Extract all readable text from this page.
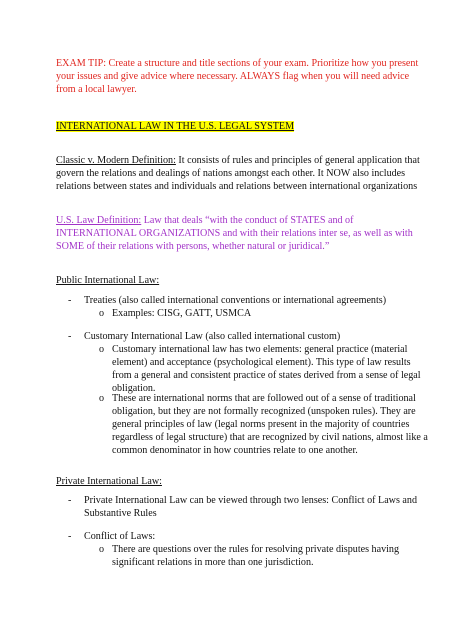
EXAM TIP: Create a structure and title sections of your exam. Prioritize how you present your issues and give advice where necessary. ALWAYS flag when you will need advice from a local lawyer.
INTERNATIONAL LAW IN THE U.S. LEGAL SYSTEM
Classic v. Modern Definition: It consists of rules and principles of general application that govern the relations and dealings of nations amongst each other. It NOW also includes relations between states and individuals and relations between international organizations
U.S. Law Definition: Law that deals “with the conduct of STATES and of INTERNATIONAL ORGANIZATIONS and with their relations inter se, as well as with SOME of their relations with persons, whether natural or juridical.”
Public International Law:
-	Treaties (also called international conventions or international agreements)
o Examples: CISG, GATT, USMCA
-	Customary International Law (also called international custom)
o Customary international law has two elements: general practice (material element) and acceptance (psychological element). This type of law results from a general and consistent practice of states derived from a sense of legal obligation.
o These are international norms that are followed out of a sense of traditional obligation, but they are not formally recognized (unspoken rules). They are general principles of law (legal norms present in the majority of countries regardless of legal structure) that are recognized by civil nations, almost like a common denominator in how countries relate to one another.
Private International Law:
-	Private International Law can be viewed through two lenses: Conflict of Laws and Substantive Rules
-	Conflict of Laws:
o There are questions over the rules for resolving private disputes having significant relations in more than one jurisdiction.
